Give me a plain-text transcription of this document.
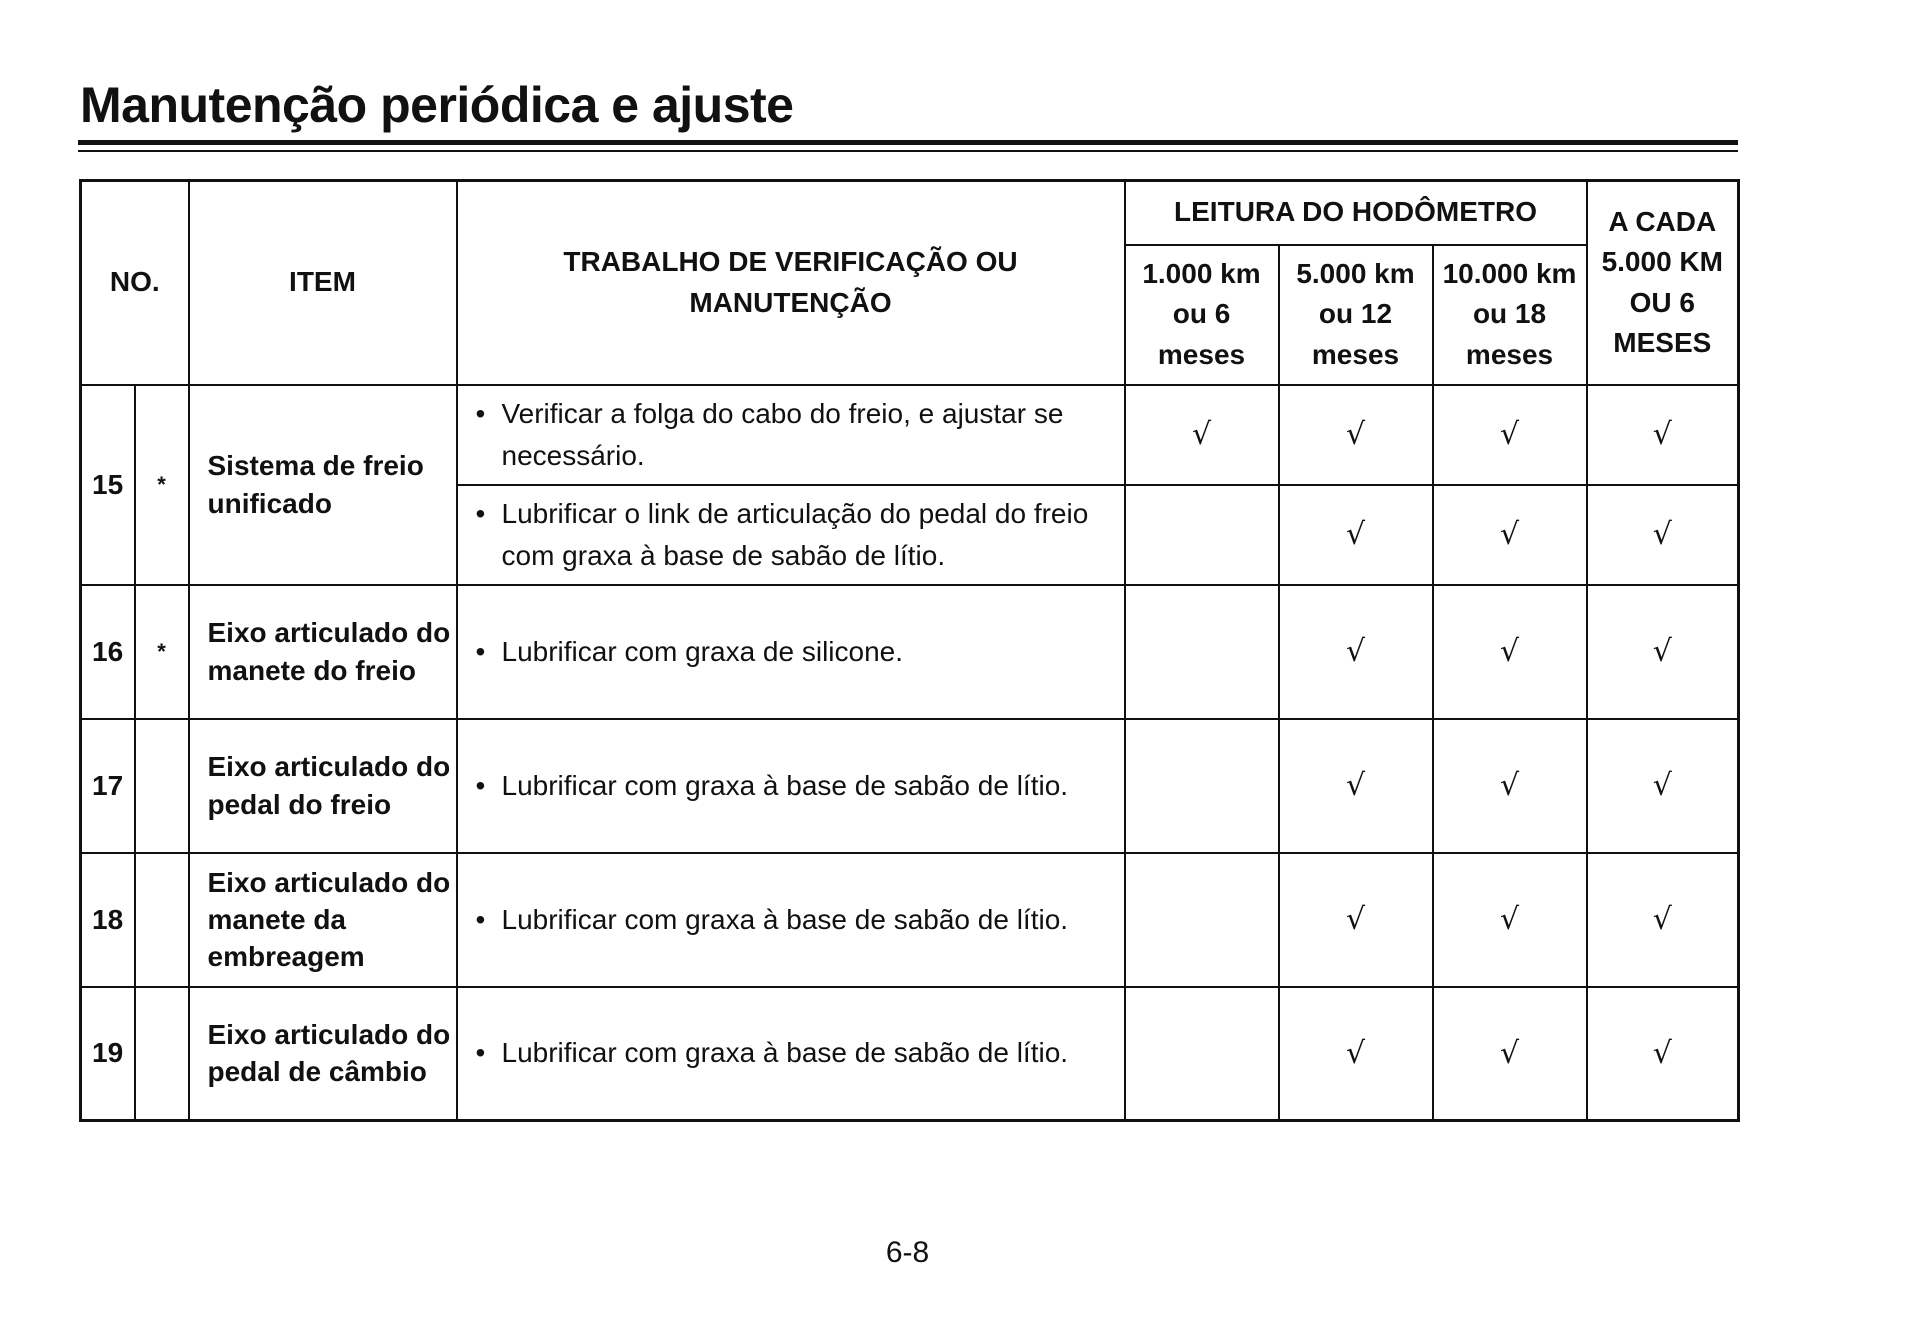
Manutenção periódica e ajuste
NO.		ITEM	TRABALHO DE VERIFICAÇÃO OU MANUTENÇÃO	LEITURA DO HODÔMETRO			A CADA 5.000 KM OU 6 MESES
				1.000 km ou 6 meses	5.000 km ou 12 meses	10.000 km ou 18 meses	
15	*	Sistema de freio unificado	• Verificar a folga do cabo do freio, e ajustar se necessário.	√	√	√	√

			• Lubrificar o link de articulação do pedal do freio com graxa à base de sabão de lítio.		√	√	√
16	*	Eixo articulado do manete do freio	• Lubrificar com graxa de silicone.		√	√	√
17		Eixo articulado do pedal do freio	• Lubrificar com graxa à base de sabão de lítio.		√	√	√
18		Eixo articulado do manete da embreagem	• Lubrificar com graxa à base de sabão de lítio.		√	√	√
19		Eixo articulado do pedal de câmbio	• Lubrificar com graxa à base de sabão de lítio.		√	√	√
6-8
